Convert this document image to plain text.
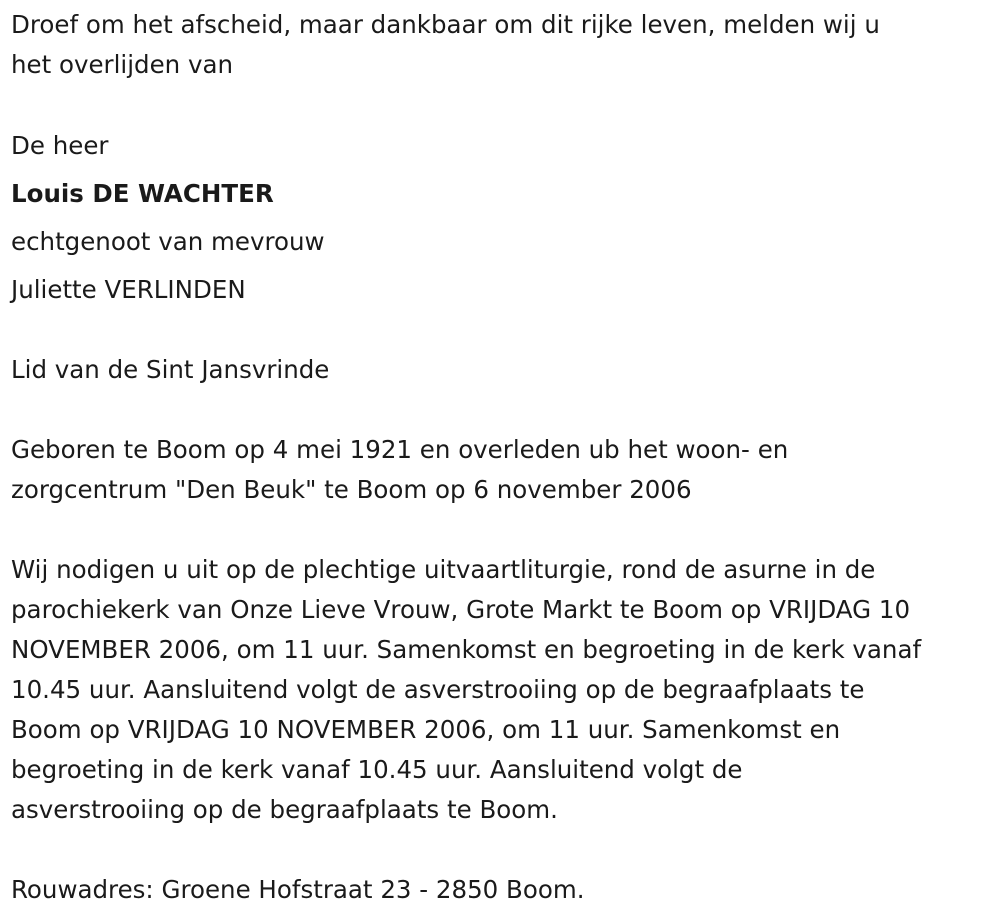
Droef om het afscheid, maar dankbaar om dit rijke leven, melden wij u

het overlijden van

De heer

Louis DE WACHTER

echtgenoot van mevrouw

Juliette VERLINDEN

Lid van de Sint Jansvrinde

Geboren te Boom op 4 mei 1921 en overleden ub het woon- en

zorgcentrum "Den Beuk" te Boom op 6 november 2006

Wij nodigen u uit op de plechtige uitvaartliturgie, rond de asurne in de

parochiekerk van Onze Lieve Vrouw, Grote Markt te Boom op VRIJDAG 10

NOVEMBER 2006, om 11 uur. Samenkomst en begroeting in de kerk vanaf

10.45 uur. Aansluitend volgt de asverstrooiing op de begraafplaats te

Boom op VRIJDAG 10 NOVEMBER 2006, om 11 uur. Samenkomst en

begroeting in de kerk vanaf 10.45 uur. Aansluitend volgt de

asverstrooiing op de begraafplaats te Boom.

Rouwadres: Groene Hofstraat 23 - 2850 Boom.
